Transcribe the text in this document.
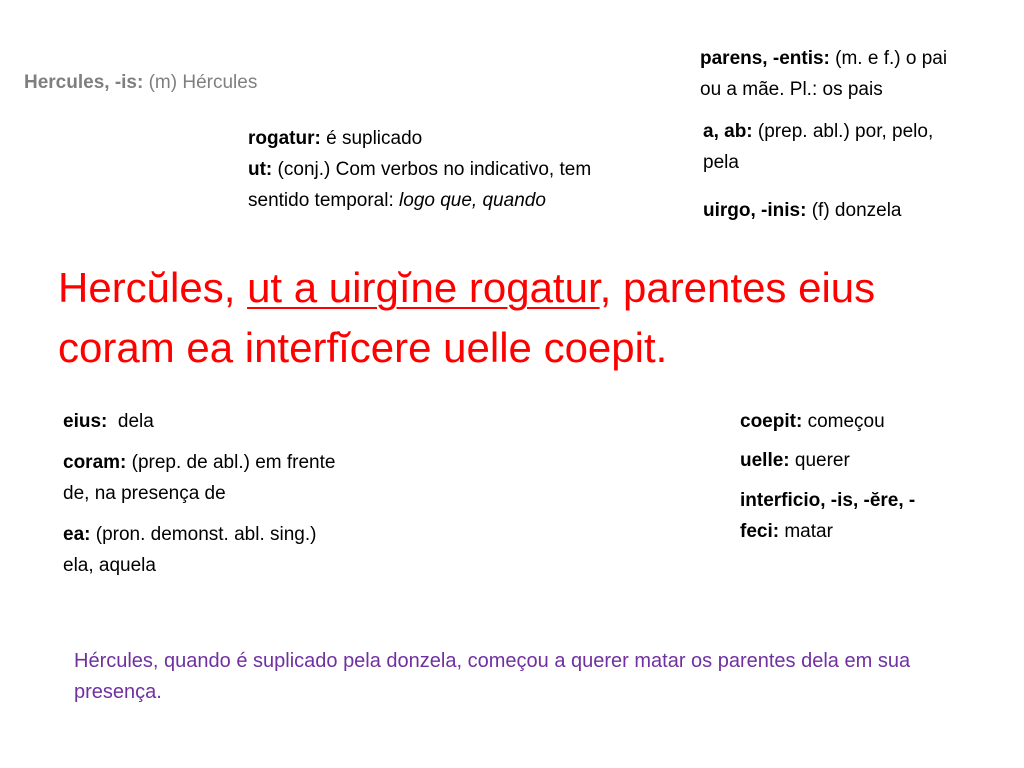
Hercules, -is: (m) Hércules

parens, -entis: (m. e f.) o pai ou a mãe. Pl.: os pais

a, ab: (prep. abl.) por, pelo, pela

uirgo, -inis: (f) donzela

rogatur: é suplicado

ut: (conj.) Com verbos no indicativo, tem sentido temporal: logo que, quando

Hercŭles, ut a uirgĭne rogatur, parentes eius coram ea interfĭcere uelle coepit.

eius: dela

coram: (prep. de abl.) em frente de, na presença de

ea: (pron. demonst. abl. sing.) ela, aquela

coepit: começou

uelle: querer

interficio, -is, -ĕre, -feci: matar

Hércules, quando é suplicado pela donzela, começou a querer matar os parentes dela em sua presença.
